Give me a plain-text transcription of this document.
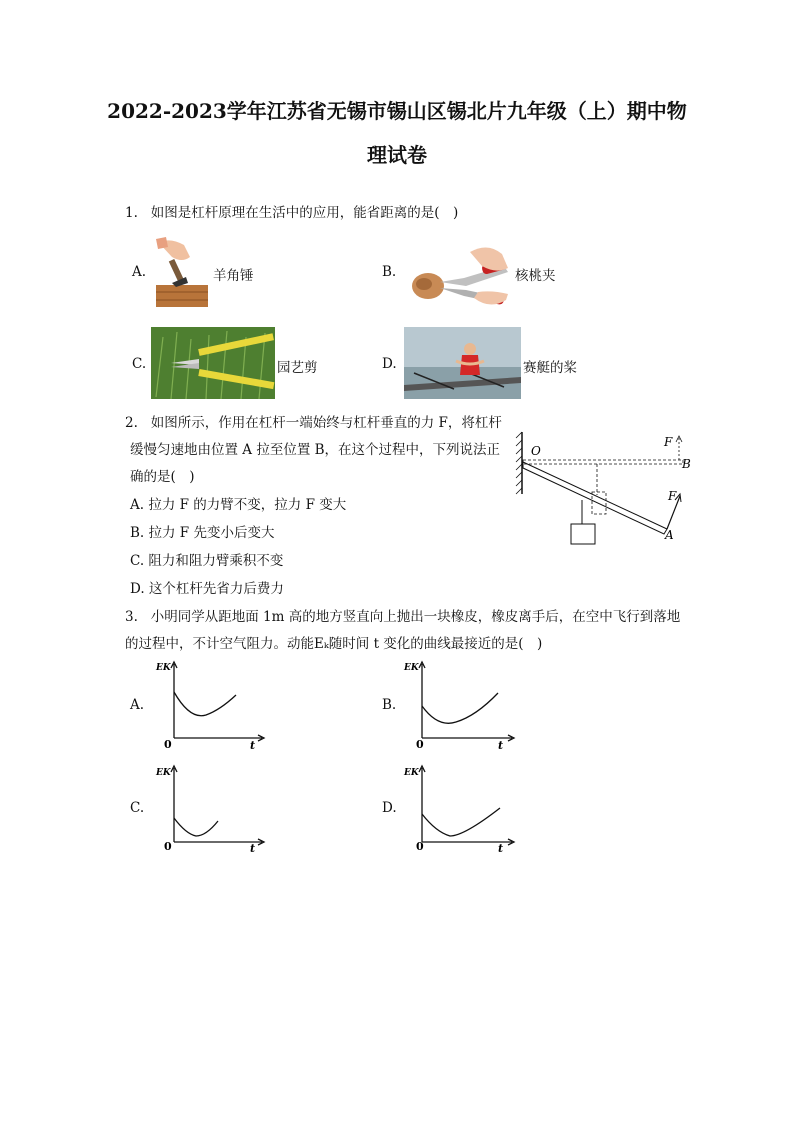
2022-2023学年江苏省无锡市锡山区锡北片九年级（上）期中物
理试卷
1. 如图是杠杆原理在生活中的应用，能省距离的是(　)
A.	羊角锤	B.	核桃夹
C.	园艺剪	D.	赛艇的桨
2. 如图所示，作用在杠杆一端始终与杠杆垂直的力 F，将杠杆
缓慢匀速地由位置 A 拉至位置 B，在这个过程中，下列说法正
确的是(　)
A. 拉力 F 的力臂不变，拉力 F 变大
B. 拉力 F 先变小后变大
C. 阻力和阻力臂乘积不变
D. 这个杠杆先省力后费力
O
F
B
F
A
3. 小明同学从距地面 1m 高的地方竖直向上抛出一块橡皮，橡皮离手后，在空中飞行到落地
的过程中，不计空气阻力。动能Eₖ随时间 t 变化的曲线最接近的是(　)
A.
EK
0	t
B.
EK
0	t
C.
EK
0	t
D.
EK
0	t
